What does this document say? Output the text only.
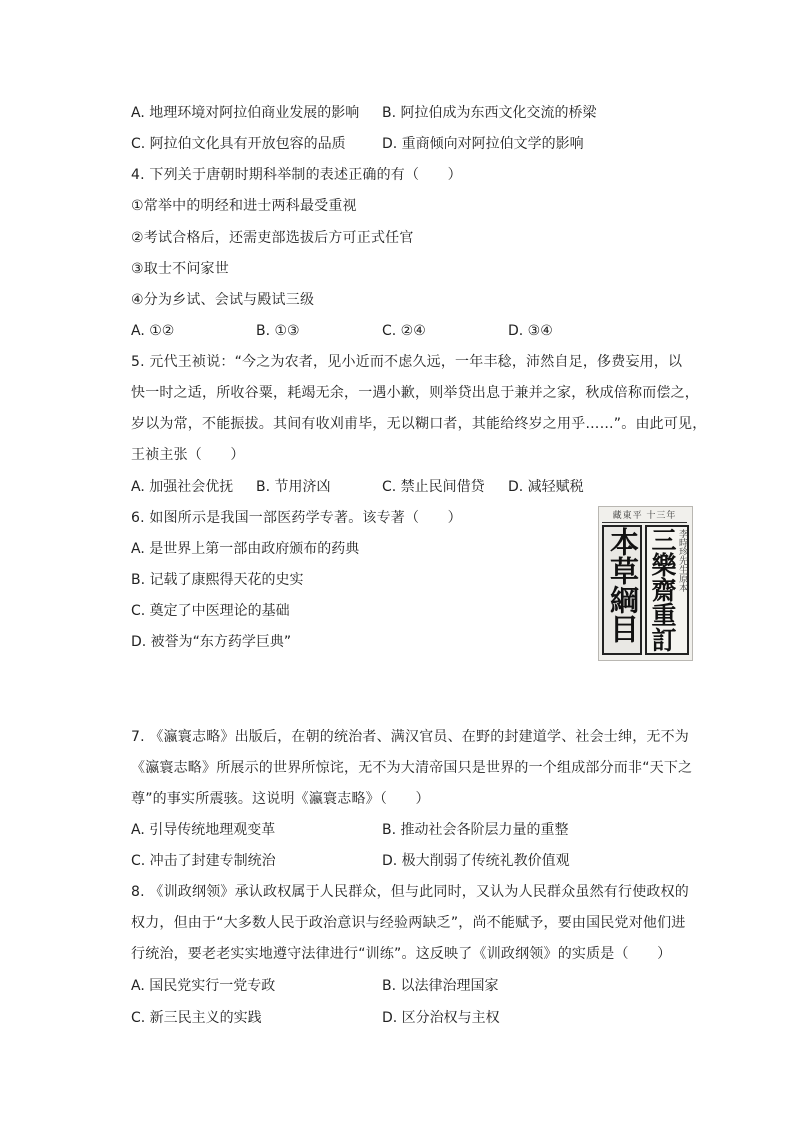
A. 地理环境对阿拉伯商业发展的影响 B. 阿拉伯成为东西文化交流的桥梁
C. 阿拉伯文化具有开放包容的品质	D. 重商倾向对阿拉伯文学的影响
4. 下列关于唐朝时期科举制的表述正确的有（　　）
①常举中的明经和进士两科最受重视
②考试合格后，还需吏部选拔后方可正式任官
③取士不问家世
④分为乡试、会试与殿试三级
A. ①②	B. ①③	C. ②④	D. ③④
5. 元代王祯说：“今之为农者，见小近而不虑久远，一年丰稔，沛然自足，侈费妄用，以
快一时之适，所收谷粟，耗竭无余，一遇小歉，则举贷出息于兼并之家，秋成倍称而偿之，
岁以为常，不能振拔。其间有收刈甫毕，无以糊口者，其能给终岁之用乎……”。由此可见，
王祯主张（　　）
A. 加强社会优抚 B. 节用济凶	C. 禁止民间借贷 D. 减轻赋税
6. 如图所示是我国一部医药学专著。该专著（　　）
A. 是世界上第一部由政府颁布的药典
B. 记载了康熙得天花的史实
C. 奠定了中医理论的基础
D. 被誉为“东方药学巨典”
藏東平 十三年
本草綱目 三樂齋重訂 李時珍先生原本
7. 《瀛寰志略》出版后，在朝的统治者、满汉官员、在野的封建道学、社会士绅，无不为
《瀛寰志略》所展示的世界所惊诧，无不为大清帝国只是世界的一个组成部分而非“天下之
尊”的事实所震骇。这说明《瀛寰志略》（　　）
A. 引导传统地理观变革	B. 推动社会各阶层力量的重整
C. 冲击了封建专制统治	D. 极大削弱了传统礼教价值观
8. 《训政纲领》承认政权属于人民群众，但与此同时，又认为人民群众虽然有行使政权的
权力，但由于“大多数人民于政治意识与经验两缺乏”，尚不能赋予，要由国民党对他们进
行统治，要老老实实地遵守法律进行“训练”。这反映了《训政纲领》的实质是（　　）
A. 国民党实行一党专政	B. 以法律治理国家
C. 新三民主义的实践	D. 区分治权与主权
